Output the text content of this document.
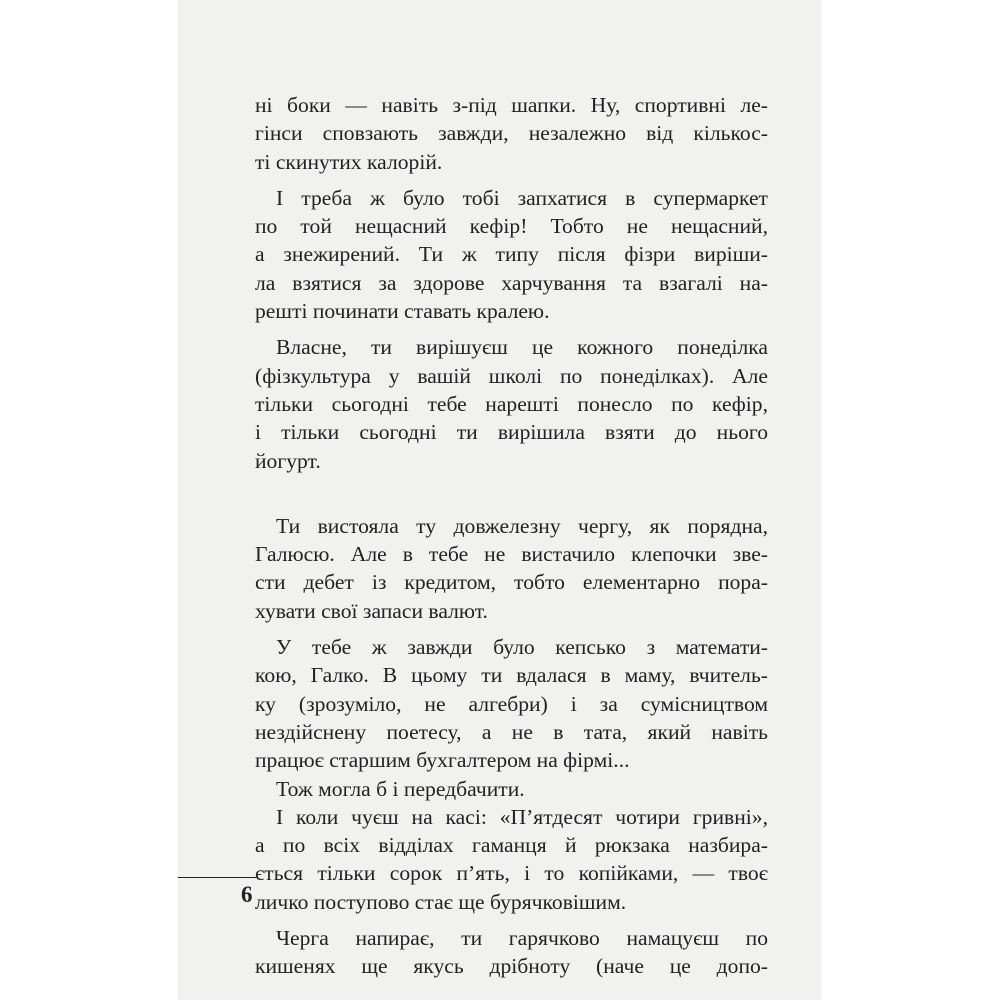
ні боки — навіть з-під шапки. Ну, спортивні ле-
гінси сповзають завжди, незалежно від кількос-
ті скинутих калорій.
І треба ж було тобі запхатися в супермаркет
по той нещасний кефір! Тобто не нещасний,
а знежирений. Ти ж типу після фізри виріши-
ла взятися за здорове харчування та взагалі на-
решті починати ставать кралею.
Власне, ти вирішуєш це кожного понеділка
(фізкультура у вашій школі по понеділках). Але
тільки сьогодні тебе нарешті понесло по кефір,
і тільки сьогодні ти вирішила взяти до нього
йогурт.
Ти вистояла ту довжелезну чергу, як порядна,
Галюсю. Але в тебе не вистачило клепочки зве-
сти дебет із кредитом, тобто елементарно пора-
хувати свої запаси валют.
У тебе ж завжди було кепсько з математи-
кою, Галко. В цьому ти вдалася в маму, вчитель-
ку (зрозуміло, не алгебри) і за сумісництвом
нездійснену поетесу, а не в тата, який навіть
працює старшим бухгалтером на фірмі...
Тож могла б і передбачити.
І коли чуєш на касі: «П’ятдесят чотири гривні»,
а по всіх відділах гаманця й рюкзака назбира-
ється тільки сорок п’ять, і то копійками, — твоє
личко поступово стає ще бурячковішим.
Черга напирає, ти гарячково намацуєш по
кишенях ще якусь дрібноту (наче це допо-
6
